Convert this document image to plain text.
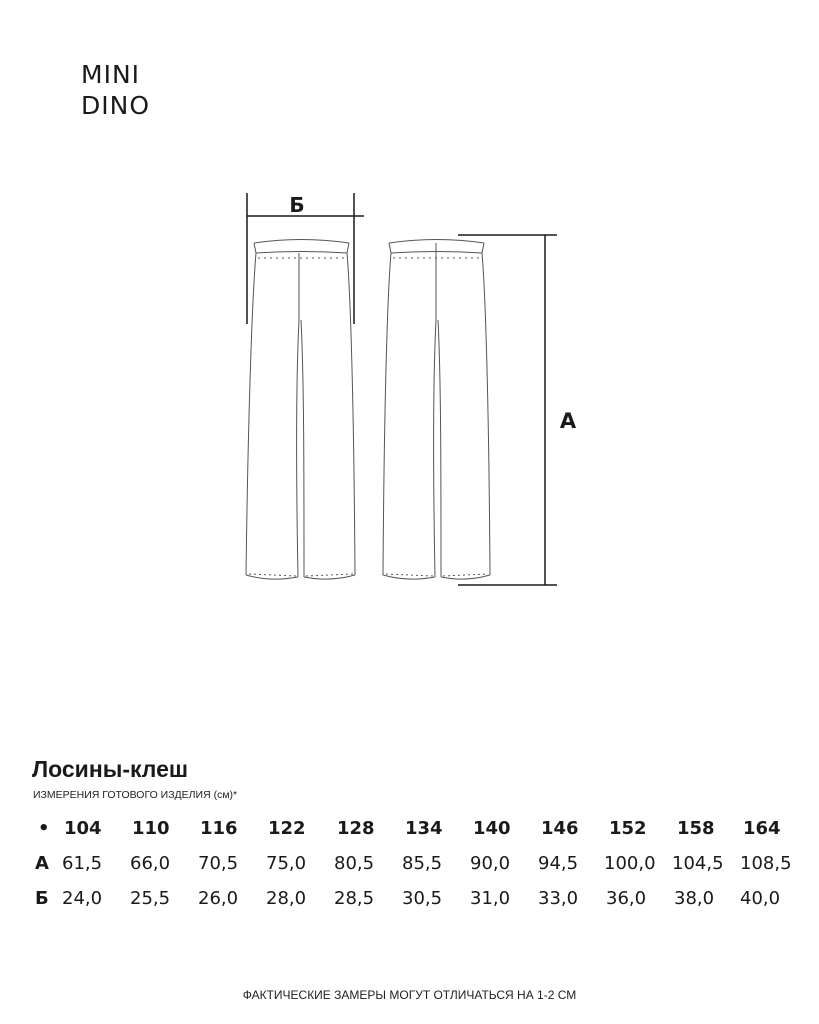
MINI
DINO
Б
А
Лосины-клеш
ИЗМЕРЕНИЯ ГОТОВОГО ИЗДЕЛИЯ (см)*
• 104 110 116 122 128 134 140 146 152 158 164
А 61,5 66,0 70,5 75,0 80,5 85,5 90,0 94,5 100,0 104,5 108,5
Б 24,0 25,5 26,0 28,0 28,5 30,5 31,0 33,0 36,0 38,0 40,0
ФАКТИЧЕСКИЕ ЗАМЕРЫ МОГУТ ОТЛИЧАТЬСЯ НА 1-2 СМ
